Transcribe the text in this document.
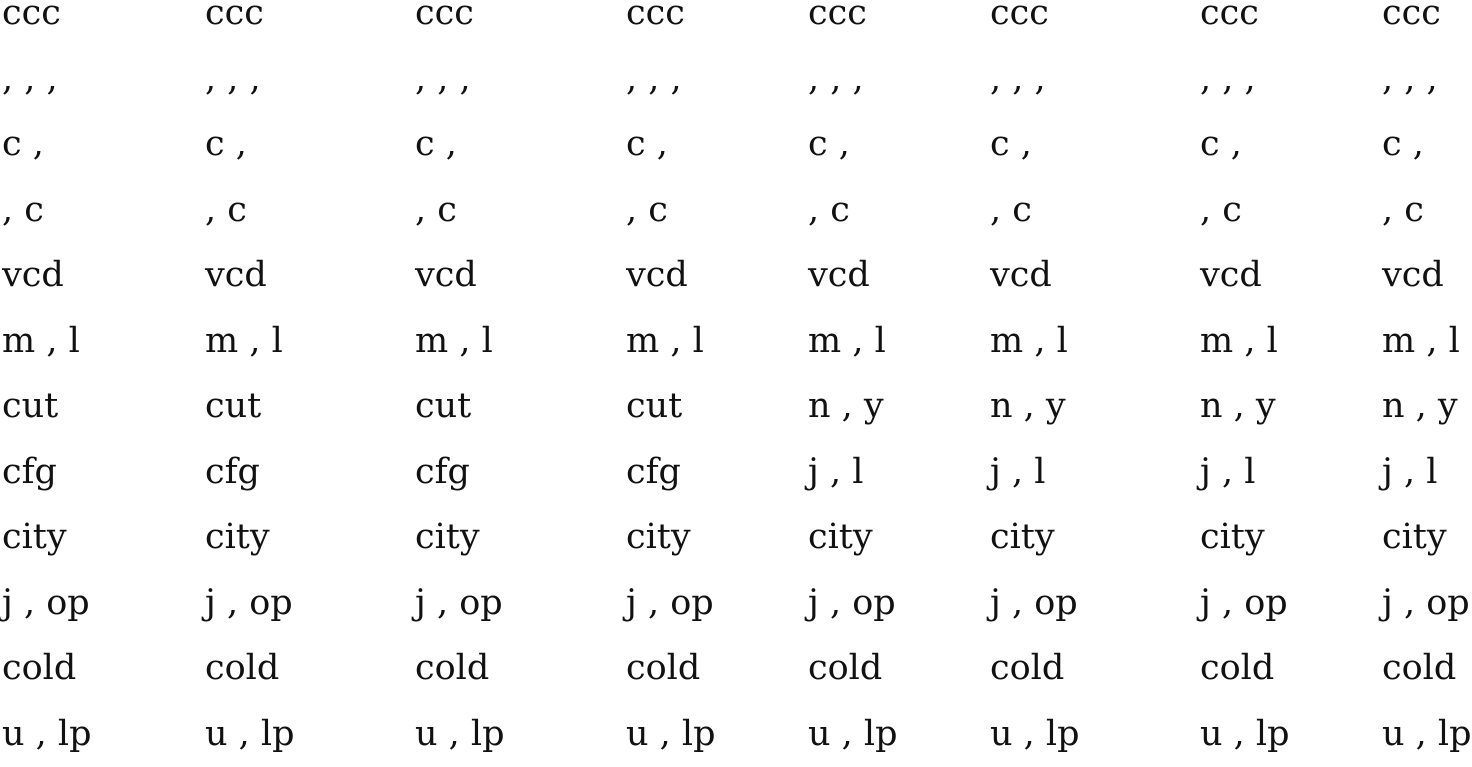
ccc	ccc	ccc	ccc	ccc	ccc	ccc	ccc
, , ,	, , ,	, , ,	, , ,	, , ,	, , ,	, , ,	, , ,
c ,	c ,	c ,	c ,	c ,	c ,	c ,	c ,
, c	, c	, c	, c	, c	, c	, c	, c
vcd	vcd	vcd	vcd	vcd	vcd	vcd	vcd
m , l	m , l	m , l	m , l	m , l	m , l	m , l	m , l
cut	cut	cut	cut	n , y	n , y	n , y	n , y
cfg	cfg	cfg	cfg	j , l	j , l	j , l	j , l
city	city	city	city	city	city	city	city
j , op	j , op	j , op	j , op	j , op	j , op	j , op	j , op
cold	cold	cold	cold	cold	cold	cold	cold
u , lp	u , lp	u , lp	u , lp	u , lp	u , lp	u , lp	u , lp
